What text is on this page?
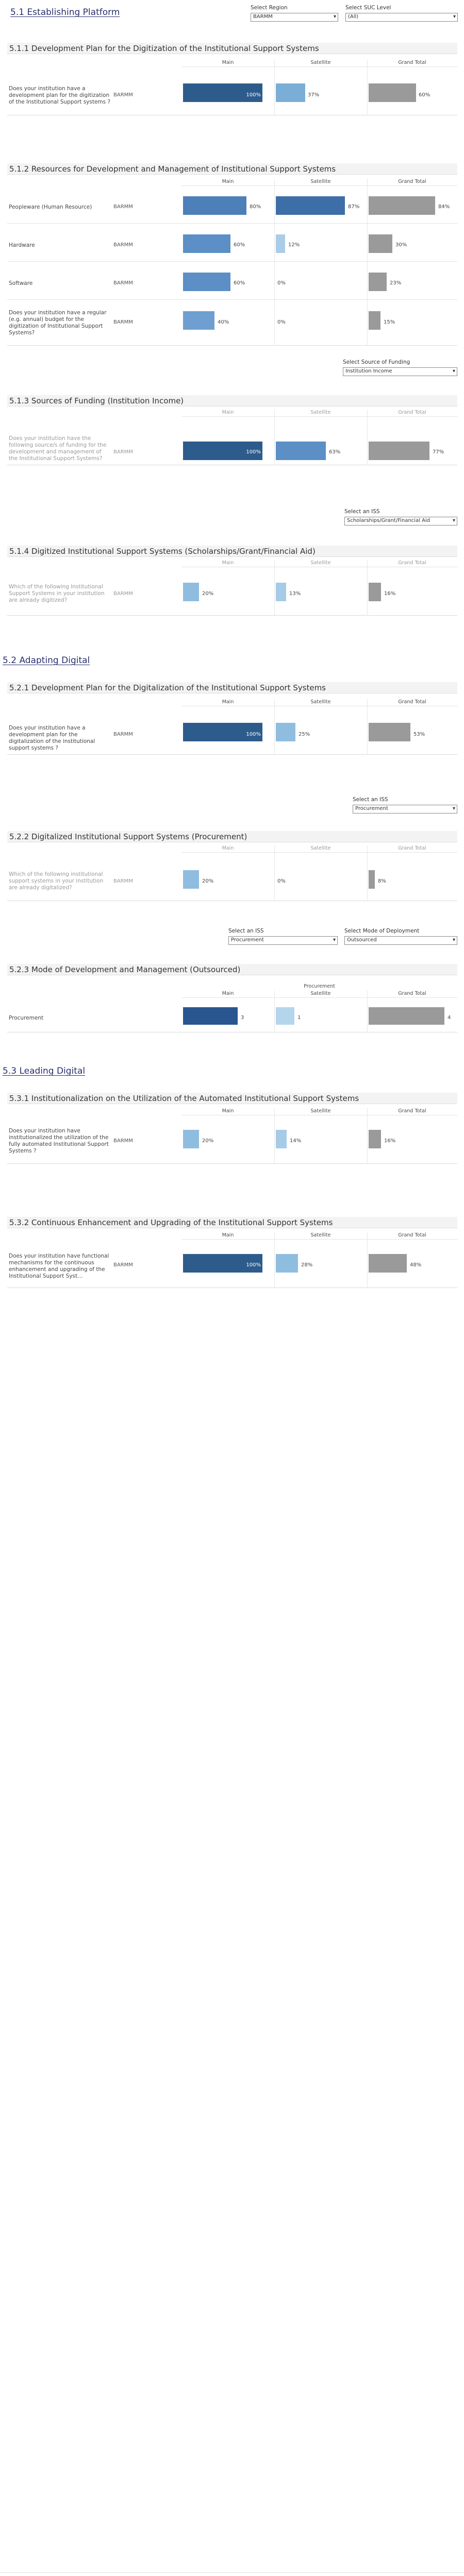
5.1 Establishing Platform	Select Region
BARMM	▾
Select SUC Level
(All)	▾
5.1.1 Development Plan for the Digitization of the Institutional Support Systems
Main	Satellite	Grand Total
Does your institution have a development plan for the digitization of the Institutional Support systems ?
BARMM	100%	37%	60%
5.1.2 Resources for Development and Management of Institutional Support Systems
Main	Satellite	Grand Total
Peopleware (Human Resource)	BARMM	80%	87%	84%
Hardware	BARMM	60%	12%	30%
Software	BARMM	60%	0%	23%
Does your institution have a regular (e.g. annual) budget for the digitization of Institutional Support Systems?
BARMM	40%	0%	15%
Select Source of Funding
Institution Income	▾
5.1.3 Sources of Funding (Institution Income)
Main	Satellite	Grand Total
Does your institution have the following source/s of funding for the development and management of the Institutional Support Systems?
BARMM	100%	63%	77%
Select an ISS
Scholarships/Grant/Financial Aid	▾
5.1.4 Digitized Institutional Support Systems (Scholarships/Grant/Financial Aid)
Main	Satellite	Grand Total
Which of the following Institutional Support Systems in your institution are already digitized?
BARMM	20%	13%	16%
5.2 Adapting Digital
5.2.1 Development Plan for the Digitalization of the Institutional Support Systems
Main	Satellite	Grand Total
Does your institution have a development plan for the digitalization of the institutional support systems ?
BARMM	100%	25%	53%
Select an ISS
Procurement	▾
5.2.2 Digitalized Institutional Support Systems (Procurement)
Main	Satellite	Grand Total
Which of the following institutional support systems in your institution are already digitalized?
BARMM	20%	0%	8%
Select an ISS
Procurement	▾
Select Mode of Deployment
Outsourced	▾
5.2.3 Mode of Development and Management (Outsourced)
Procurement
Main	Satellite	Grand Total
Procurement	3	1	4
5.3 Leading Digital
5.3.1 Institutionalization on the Utilization of the Automated Institutional Support Systems
Main	Satellite	Grand Total
Does your institution have institutionalized the utilization of the fully automated Institutional Support Systems ?
BARMM	20%	14%	16%
5.3.2 Continuous Enhancement and Upgrading of the Institutional Support Systems
Main	Satellite	Grand Total
Does your institution have functional mechanisms for the continuous enhancement and upgrading of the Institutional Support Syst...
BARMM	100%	28%	48%
